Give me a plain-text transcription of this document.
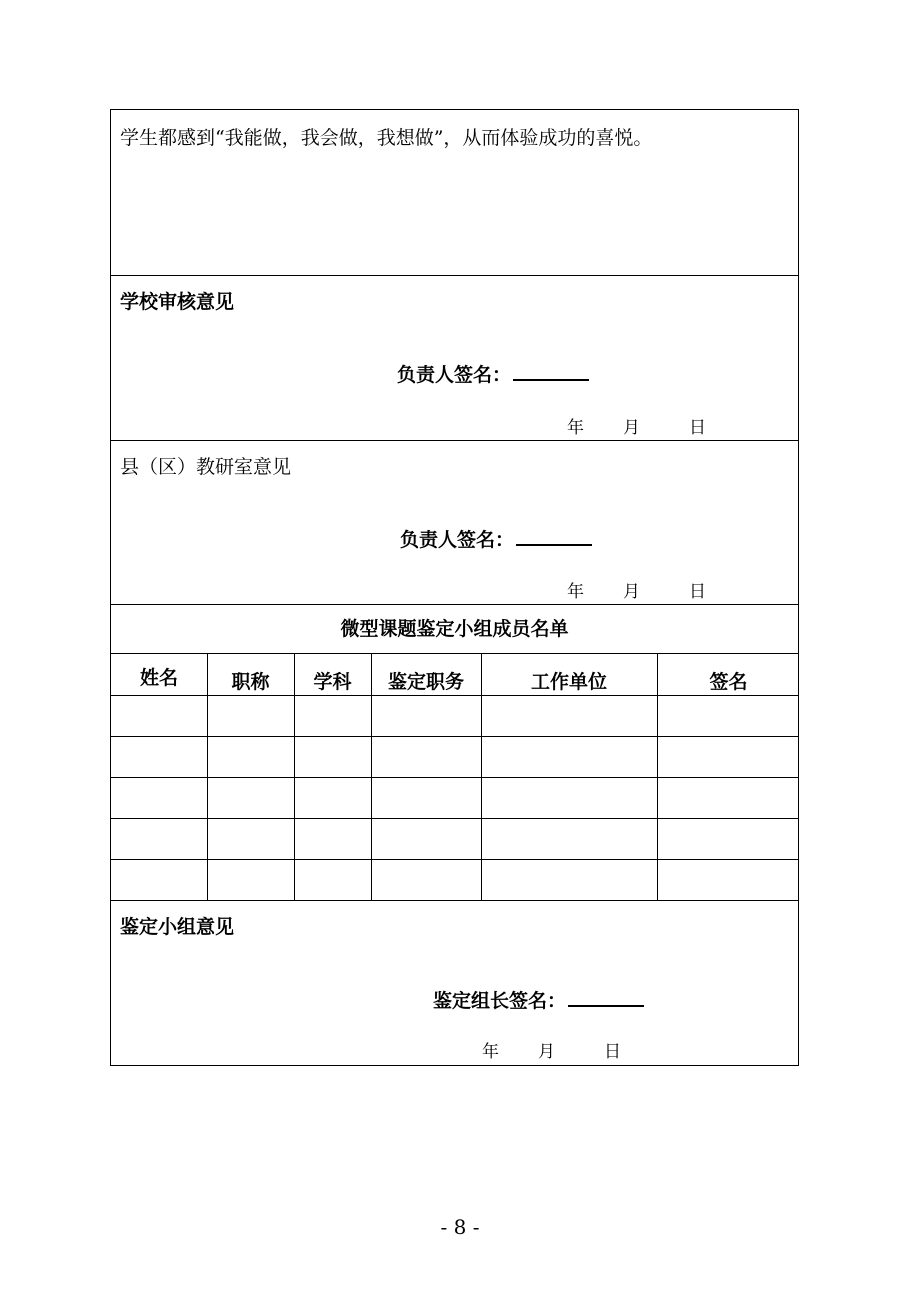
学生都感到“我能做，我会做，我想做”，从而体验成功的喜悦。
学校审核意见
负责人签名：
年 月	日
县（区）教研室意见
负责人签名：
年 月	日
微型课题鉴定小组成员名单
姓名	职称	学科	鉴定职务	工作单位	签名
鉴定小组意见
鉴定组长签名：
年 月	日
- 8 -
